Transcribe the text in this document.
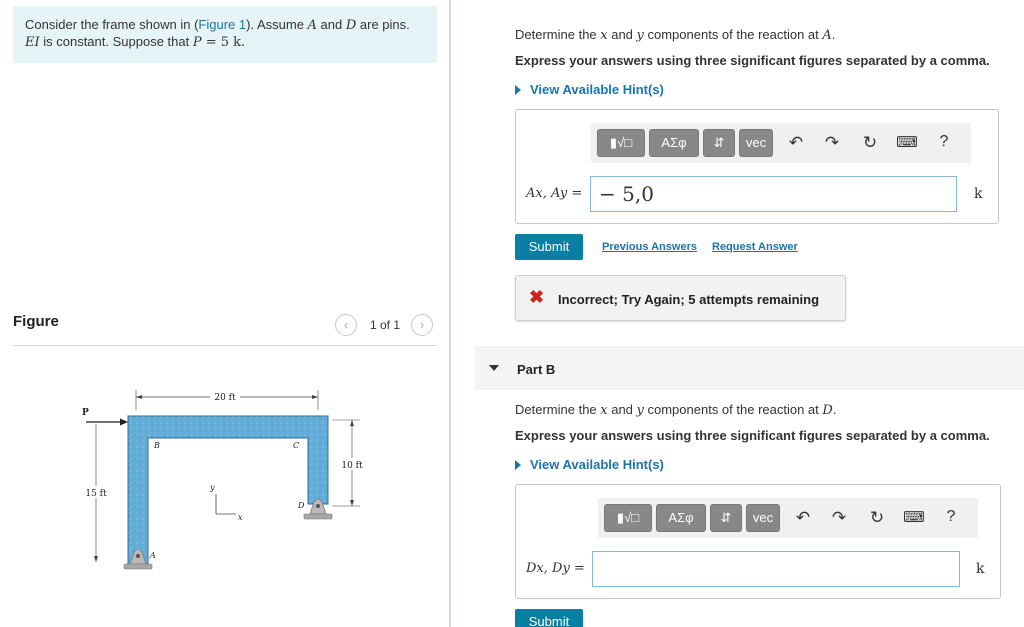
Consider the frame shown in (Figure 1). Assume A and D are pins.
EI is constant. Suppose that P = 5 k.
Figure	‹	1 of 1	›
20 ft
P
15 ft
10 ft
B	C
D
A
y
x
Determine the x and y components of the reaction at A.
Express your answers using three significant figures separated by a comma.
View Available Hint(s)
▮√□	ΑΣφ	⇵	vec	↶ ↷ ↻ ⌨	?
Ax, Ay = − 5,0	k
Submit	Previous Answers Request Answer
✖ Incorrect; Try Again; 5 attempts remaining
Part B
Determine the x and y components of the reaction at D.
Express your answers using three significant figures separated by a comma.
View Available Hint(s)
▮√□	ΑΣφ	⇵	vec	↶ ↷ ↻ ⌨	?
Dx, Dy =	k
Submit
